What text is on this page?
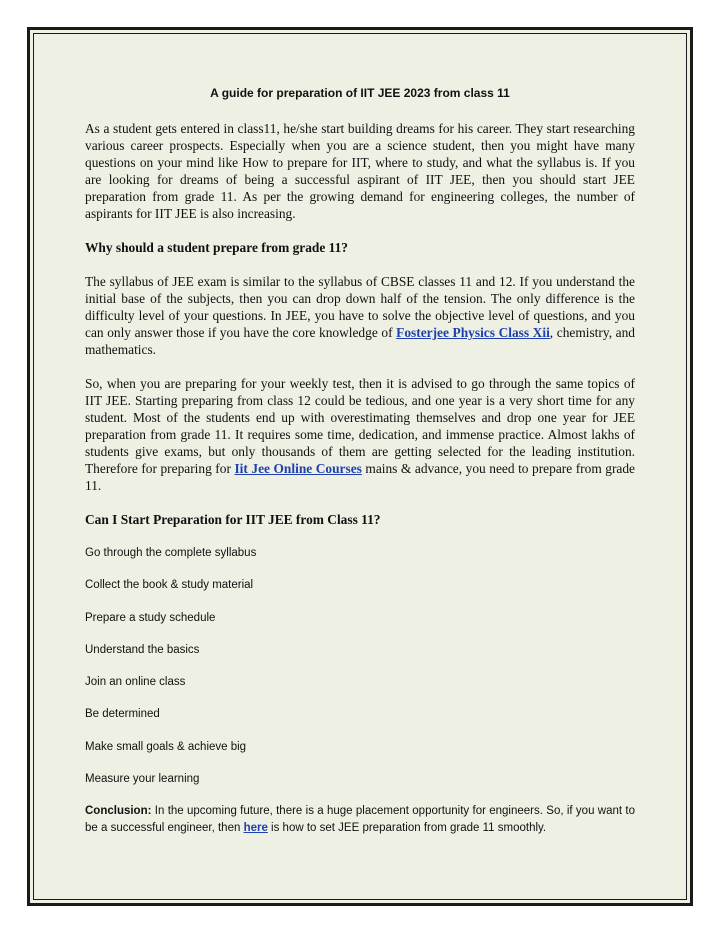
A guide for preparation of IIT JEE 2023 from class 11

As a student gets entered in class11, he/she start building dreams for his career. They start researching various career prospects. Especially when you are a science student, then you might have many questions on your mind like How to prepare for IIT, where to study, and what the syllabus is. If you are looking for dreams of being a successful aspirant of IIT JEE, then you should start JEE preparation from grade 11. As per the growing demand for engineering colleges, the number of aspirants for IIT JEE is also increasing.

Why should a student prepare from grade 11?

The syllabus of JEE exam is similar to the syllabus of CBSE classes 11 and 12. If you understand the initial base of the subjects, then you can drop down half of the tension. The only difference is the difficulty level of your questions. In JEE, you have to solve the objective level of questions, and you can only answer those if you have the core knowledge of Fosterjee Physics Class Xii, chemistry, and mathematics.

So, when you are preparing for your weekly test, then it is advised to go through the same topics of IIT JEE. Starting preparing from class 12 could be tedious, and one year is a very short time for any student. Most of the students end up with overestimating themselves and drop one year for JEE preparation from grade 11. It requires some time, dedication, and immense practice. Almost lakhs of students give exams, but only thousands of them are getting selected for the leading institution. Therefore for preparing for Iit Jee Online Courses mains & advance, you need to prepare from grade 11.

Can I Start Preparation for IIT JEE from Class 11?

Go through the complete syllabus
Collect the book & study material
Prepare a study schedule
Understand the basics
Join an online class
Be determined
Make small goals & achieve big
Measure your learning

Conclusion: In the upcoming future, there is a huge placement opportunity for engineers. So, if you want to be a successful engineer, then here is how to set JEE preparation from grade 11 smoothly.
